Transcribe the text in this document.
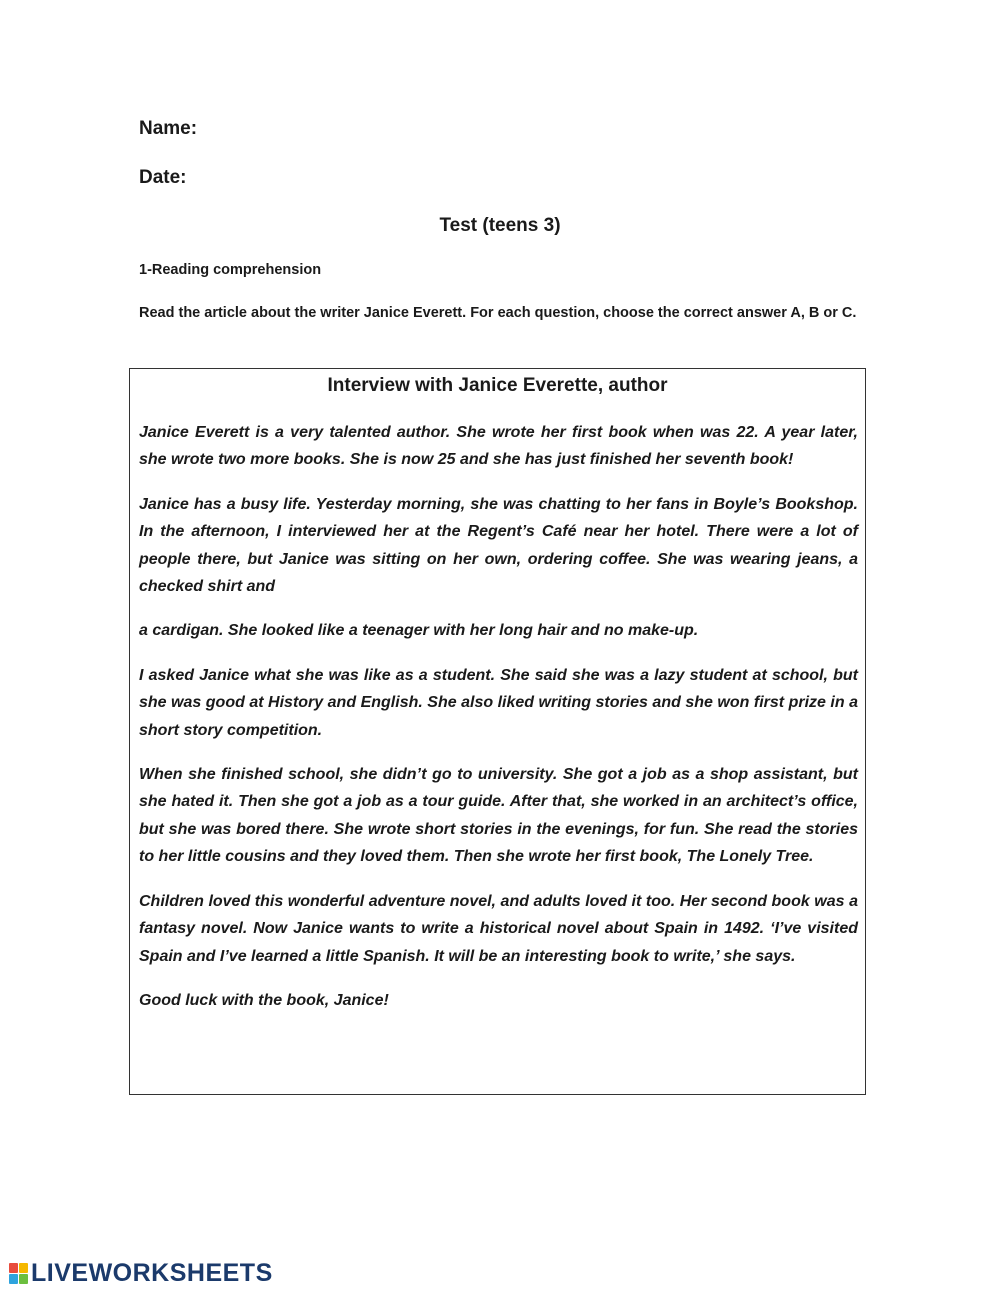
Name:
Date:
Test (teens 3)
1-Reading comprehension
Read the article about the writer Janice Everett. For each question, choose the correct answer A, B or C.
Interview with Janice Everette, author

Janice Everett is a very talented author. She wrote her first book when was 22. A year later, she wrote two more books. She is now 25 and she has just finished her seventh book!

Janice has a busy life. Yesterday morning, she was chatting to her fans in Boyle’s Bookshop. In the afternoon, I interviewed her at the Regent’s Café near her hotel. There were a lot of people there, but Janice was sitting on her own, ordering coffee. She was wearing jeans, a checked shirt and

a cardigan. She looked like a teenager with her long hair and no make-up.

I asked Janice what she was like as a student. She said she was a lazy student at school, but she was good at History and English. She also liked writing stories and she won first prize in a short story competition.

When she finished school, she didn’t go to university. She got a job as a shop assistant, but she hated it. Then she got a job as a tour guide. After that, she worked in an architect’s office, but she was bored there. She wrote short stories in the evenings, for fun. She read the stories to her little cousins and they loved them. Then she wrote her first book, The Lonely Tree.

Children loved this wonderful adventure novel, and adults loved it too. Her second book was a fantasy novel. Now Janice wants to write a historical novel about Spain in 1492. ‘I’ve visited Spain and I’ve learned a little Spanish. It will be an interesting book to write,’ she says.

Good luck with the book, Janice!

LIVEWORKSHEETS
